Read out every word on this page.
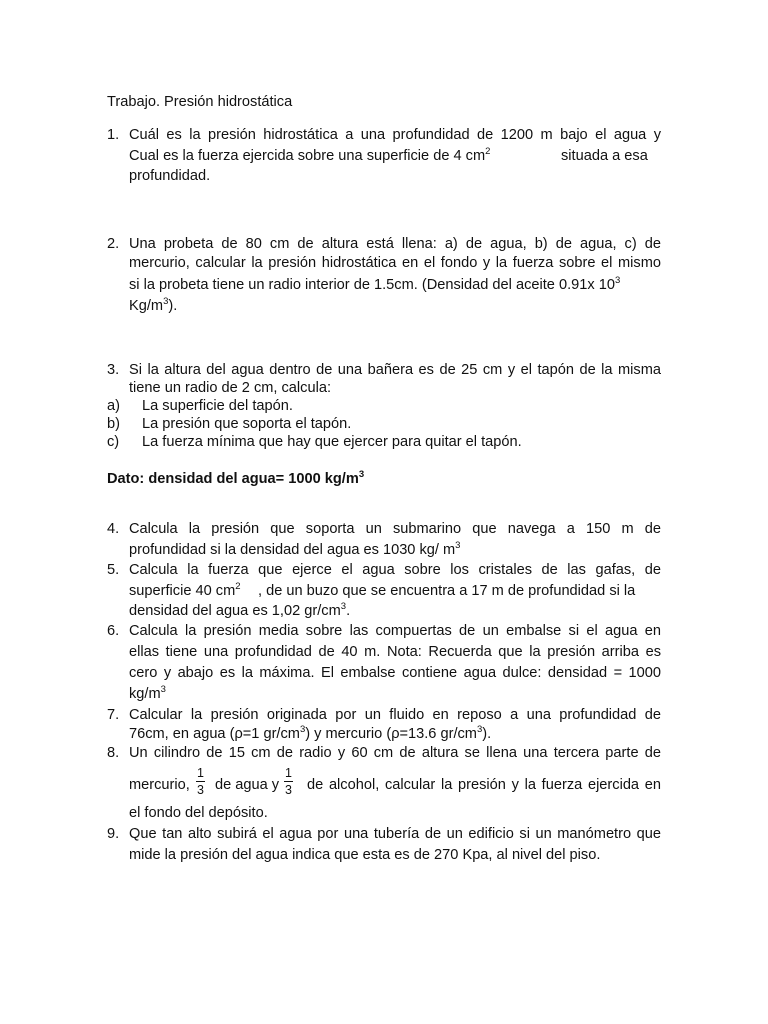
Trabajo. Presión hidrostática
1. Cuál es la presión hidrostática a una profundidad de 1200 m bajo el agua y
Cual es la fuerza ejercida sobre una superficie de 4 $cm^2$	situada a esa
profundidad.
2. Una probeta de 80 cm de altura está llena: a) de agua, b) de agua, c) de
mercurio, calcular la presión hidrostática en el fondo y la fuerza sobre el mismo
si la probeta tiene un radio interior de 1.5cm. (Densidad del aceite 0.91x $10^3$
$Kg/m^3$).
3. Si la altura del agua dentro de una bañera es de 25 cm y el tapón de la misma
tiene un radio de 2 cm, calcula:
a) La superficie del tapón.
b) La presión que soporta el tapón.
c) La fuerza mínima que hay que ejercer para quitar el tapón.
Dato: densidad del agua= 1000 $kg/m^3$
4. Calcula la presión que soporta un submarino que navega a 150 m de
profundidad si la densidad del agua es 1030 kg/ $m^3$
5. Calcula la fuerza que ejerce el agua sobre los cristales de las gafas, de
superficie 40 $cm^2$ , de un buzo que se encuentra a 17 m de profundidad si la
densidad del agua es 1,02 $gr/cm^3$.
6. Calcula la presión media sobre las compuertas de un embalse si el agua en
ellas tiene una profundidad de 40 m. Nota: Recuerda que la presión arriba es
cero y abajo es la máxima. El embalse contiene agua dulce: densidad = 1000
$kg/m^3$
7. Calcular la presión originada por un fluido en reposo a una profundidad de
76cm, en agua (ρ=1 $gr/cm^3$) y mercurio (ρ=13.6 $gr/cm^3$).
8. Un cilindro de 15 cm de radio y 60 cm de altura se llena una tercera parte de
mercurio,
1
3 de agua y
1
3 de alcohol, calcular la presión y la fuerza ejercida en
el fondo del depósito.
9. Que tan alto subirá el agua por una tubería de un edificio si un manómetro que
mide la presión del agua indica que esta es de 270 Kpa, al nivel del piso.
